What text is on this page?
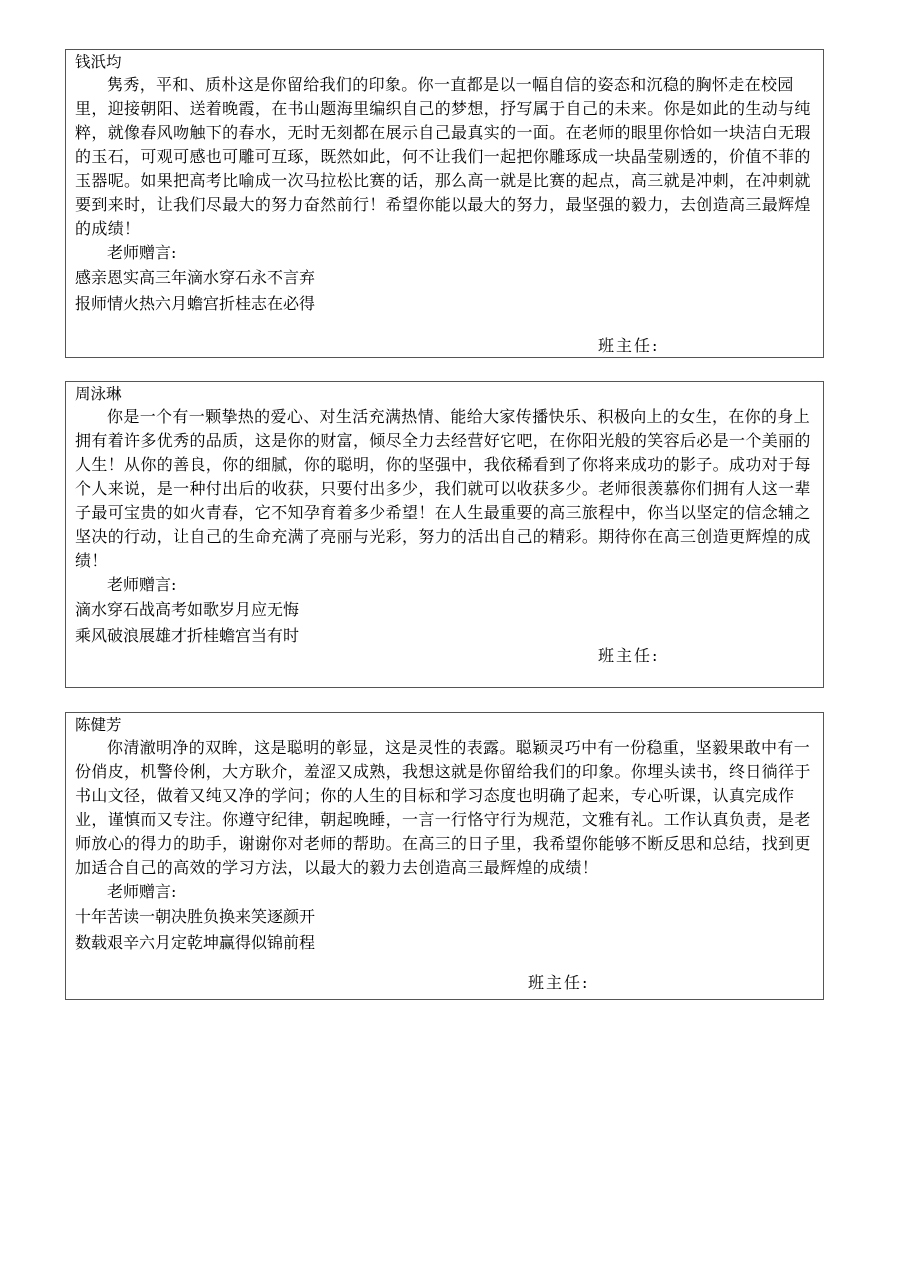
钱汦均

隽秀，平和、质朴这是你留给我们的印象。你一直都是以一幅自信的姿态和沉稳的胸怀走在校园里，迎接朝阳、送着晚霞，在书山题海里编织自己的梦想，抒写属于自己的未来。你是如此的生动与纯粹，就像春风吻触下的春水，无时无刻都在展示自己最真实的一面。在老师的眼里你恰如一块洁白无瑕的玉石，可观可感也可雕可互琢，既然如此，何不让我们一起把你雕琢成一块晶莹剔透的，价值不菲的玉器呢。如果把高考比喻成一次马拉松比赛的话，那么高一就是比赛的起点，高三就是冲刺，在冲刺就要到来时，让我们尽最大的努力奋然前行！希望你能以最大的努力，最坚强的毅力，去创造高三最辉煌的成绩！

老师赠言:

感亲恩实高三年滴水穿石永不言弃

报师情火热六月蟾宫折桂志在必得

班主任:

周泳琳

你是一个有一颗挚热的爱心、对生活充满热情、能给大家传播快乐、积极向上的女生，在你的身上拥有着许多优秀的品质，这是你的财富，倾尽全力去经营好它吧，在你阳光般的笑容后必是一个美丽的人生！从你的善良，你的细腻，你的聪明，你的坚强中，我依稀看到了你将来成功的影子。成功对于每个人来说，是一种付出后的收获，只要付出多少，我们就可以收获多少。老师很羡慕你们拥有人这一辈子最可宝贵的如火青春，它不知孕育着多少希望！在人生最重要的高三旅程中，你当以坚定的信念辅之坚决的行动，让自己的生命充满了亮丽与光彩，努力的活出自己的精彩。期待你在高三创造更辉煌的成绩！

老师赠言:

滴水穿石战高考如歌岁月应无悔

乘风破浪展雄才折桂蟾宫当有时

班主任:

陈健芳

你清澈明净的双眸，这是聪明的彰显，这是灵性的表露。聪颖灵巧中有一份稳重，坚毅果敢中有一份俏皮，机警伶俐，大方耿介，羞涩又成熟，我想这就是你留给我们的印象。你埋头读书，终日徜徉于书山文径，做着又纯又净的学问；你的人生的目标和学习态度也明确了起来，专心听课，认真完成作业，谨慎而又专注。你遵守纪律，朝起晚睡，一言一行恪守行为规范，文雅有礼。工作认真负责，是老师放心的得力的助手，谢谢你对老师的帮助。在高三的日子里，我希望你能够不断反思和总结，找到更加适合自己的高效的学习方法，以最大的毅力去创造高三最辉煌的成绩！

老师赠言:

十年苦读一朝决胜负换来笑逐颜开

数载艰辛六月定乾坤赢得似锦前程

班主任:
